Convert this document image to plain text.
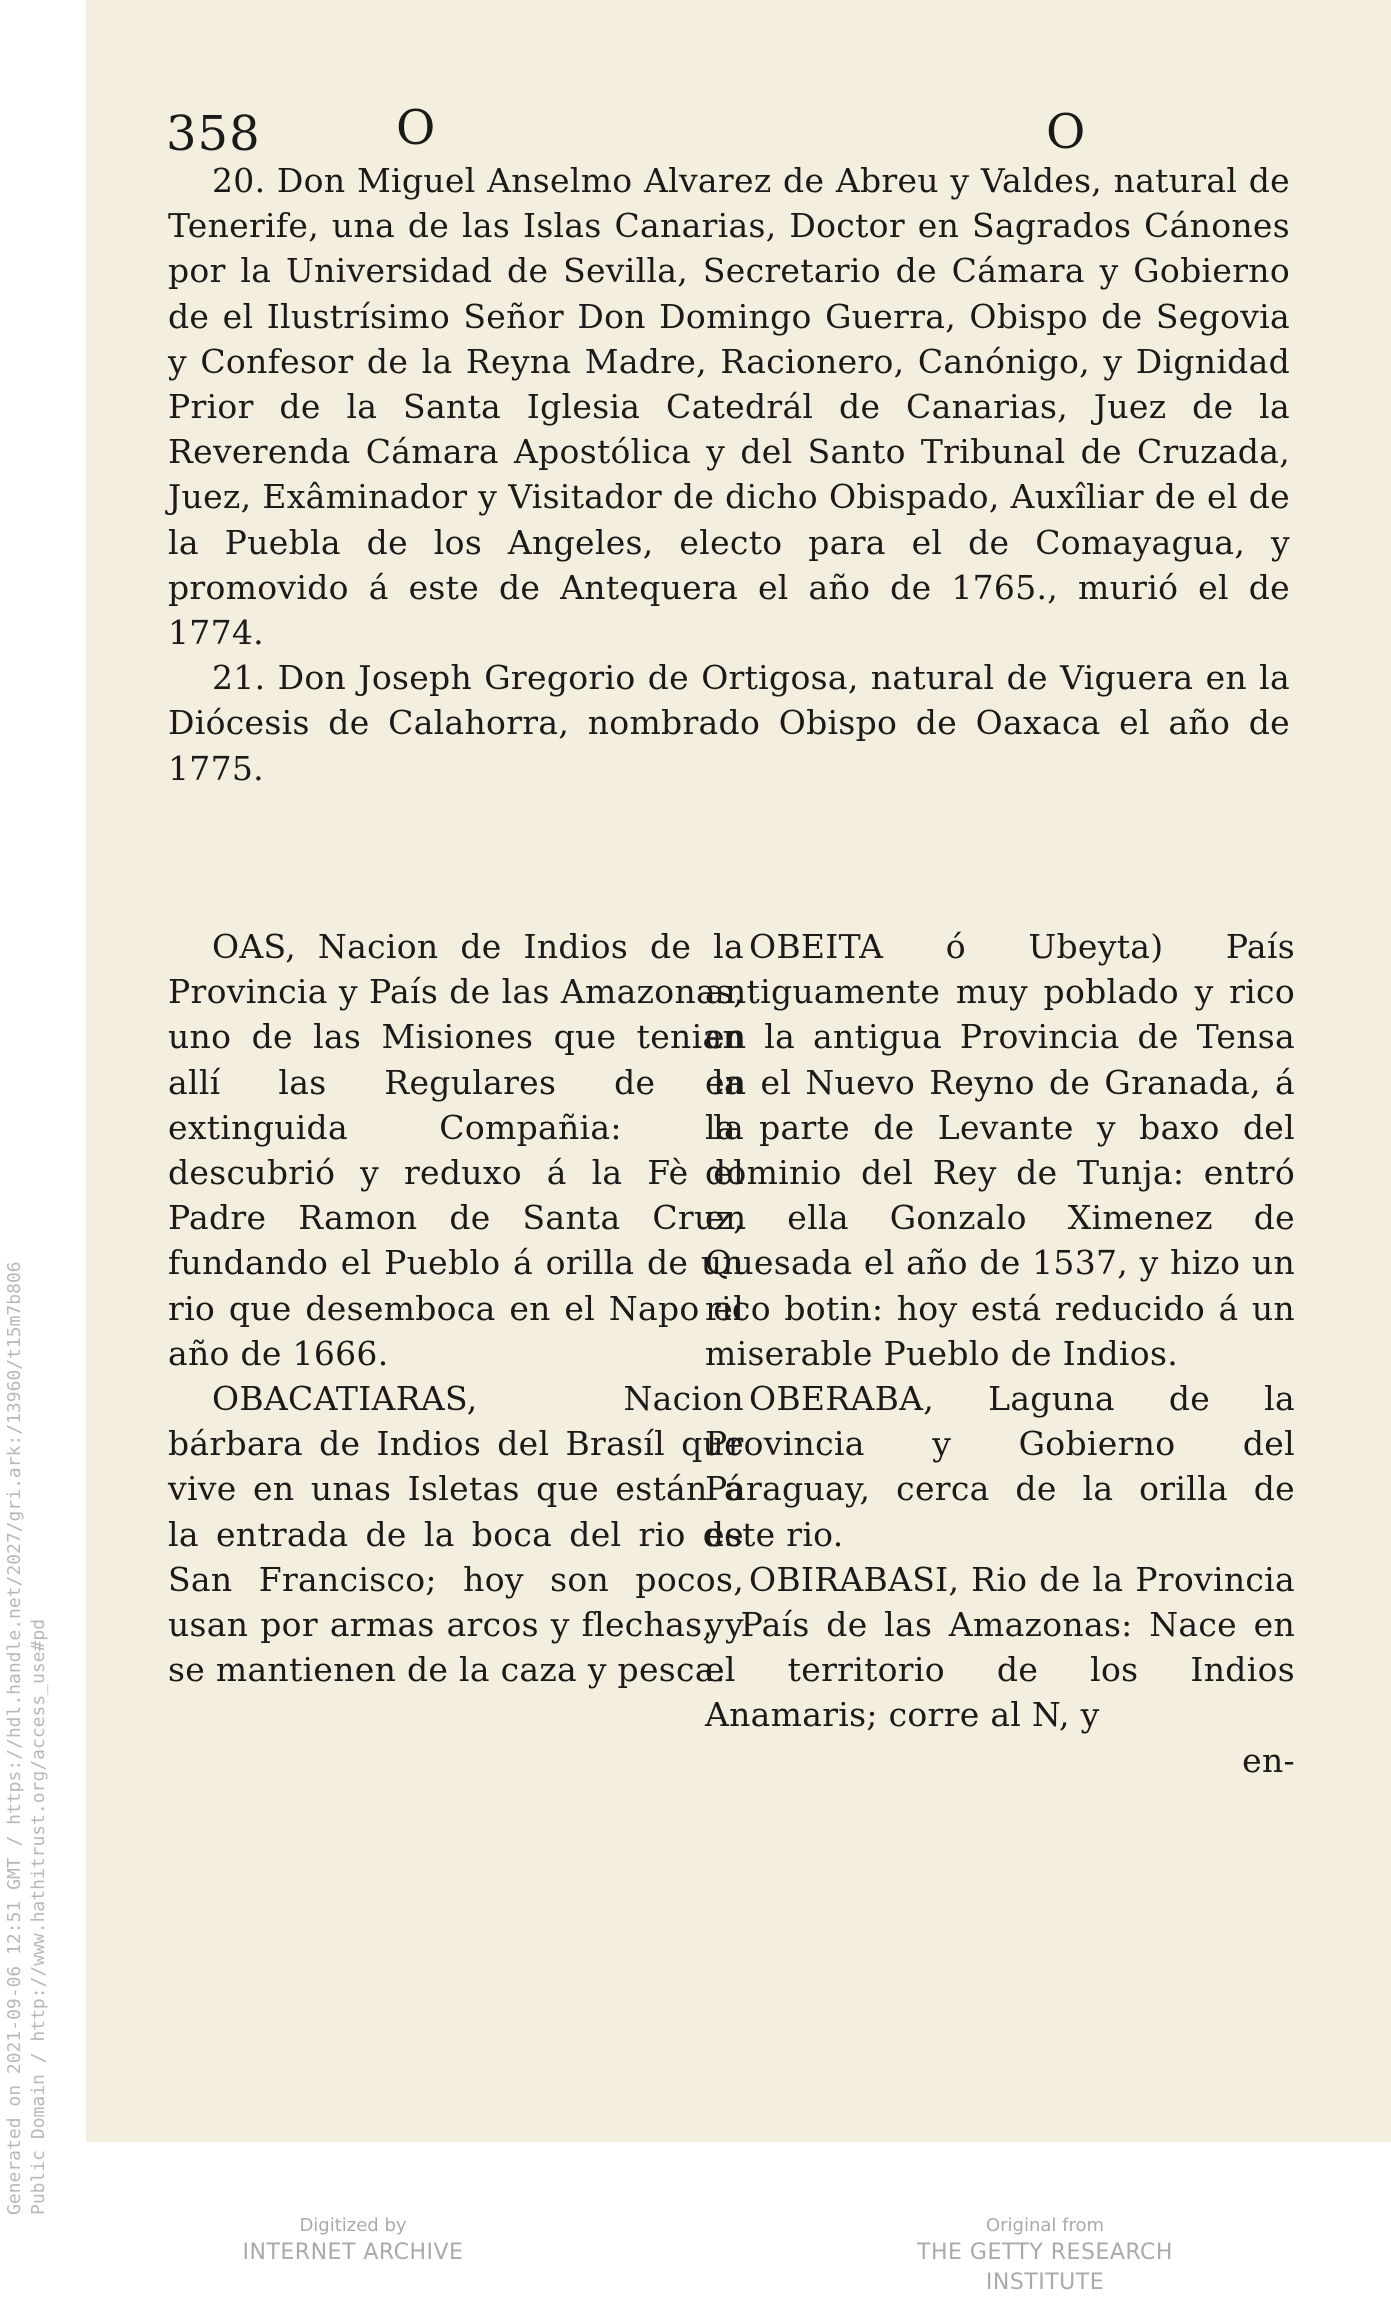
Generated on 2021-09-06 12:51 GMT / https://hdl.handle.net/2027/gri.ark:/13960/t15m7b806 Public Domain / http://www.hathitrust.org/access_use#pd
358	O	O

20. Don Miguel Anselmo Alvarez de Abreu y Valdes, natural de Tenerife, una de las Islas Canarias, Doctor en Sagrados Cánones por la Universidad de Sevilla, Secretario de Cámara y Gobierno de el Ilustrísimo Señor Don Domingo Guerra, Obispo de Segovia y Confesor de la Reyna Madre, Racionero, Canónigo, y Dignidad Prior de la Santa Iglesia Catedrál de Canarias, Juez de la Reverenda Cámara Apostólica y del Santo Tribunal de Cruzada, Juez, Exâminador y Visitador de dicho Obispado, Auxîliar de el de la Puebla de los Angeles, electo para el de Comayagua, y promovido á este de Antequera el año de 1765., murió el de 1774.

21. Don Joseph Gregorio de Ortigosa, natural de Viguera en la Diócesis de Calahorra, nombrado Obispo de Oaxaca el año de 1775.

OAS, Nacion de Indios de la Provincia y País de las Amazonas, uno de las Misiones que tenian allí las Regulares de la extinguida Compañia: la descubrió y reduxo á la Fè el Padre Ramon de Santa Cruz, fundando el Pueblo á orilla de un rio que desemboca en el Napo el año de 1666.

OBACATIARAS, Nacion bárbara de Indios del Brasíl que vive en unas Isletas que están á la entrada de la boca del rio de San Francisco; hoy son pocos, usan por armas arcos y flechas, y se mantienen de la caza y pesca.

OBEITA ó Ubeyta) País antiguamente muy poblado y rico en la antigua Provincia de Tensa en el Nuevo Reyno de Granada, á la parte de Levante y baxo del dominio del Rey de Tunja: entró en ella Gonzalo Ximenez de Quesada el año de 1537, y hizo un rico botin: hoy está reducido á un miserable Pueblo de Indios.

OBERABA, Laguna de la Provincia y Gobierno del Paraguay, cerca de la orilla de este rio.

OBIRABASI, Rio de la Provincia y País de las Amazonas: Nace en el territorio de los Indios Anamaris; corre al N, y

en-

Digitized by
INTERNET ARCHIVE
Original from
THE GETTY RESEARCH INSTITUTE
